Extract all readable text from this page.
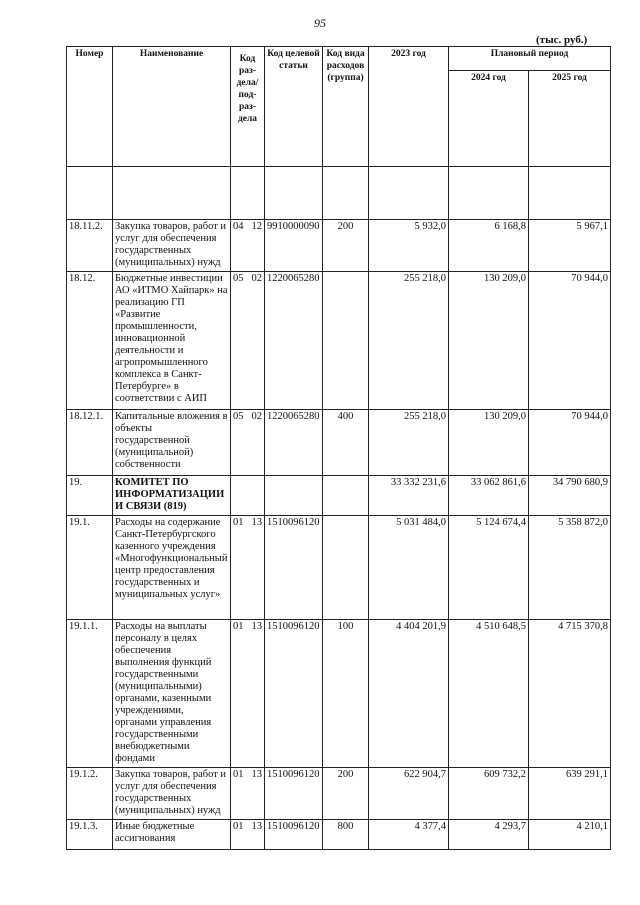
95
(тыс. руб.)
Номер	Наименование	Код раз-дела/ под-раз-дела	Код целевой статьи	Код вида расходов (группа)	2023 год	Плановый период	
						2024 год	2025 год

18.11.2.	Закупка товаров, работ и услуг для обеспечения государственных (муниципальных) нужд	04 12	9910000090	200	5 932,0	6 168,8	5 967,1
18.12.	Бюджетные инвестиции АО «ИТМО Хайпарк» на реализацию ГП «Развитие промышленности, инновационной деятельности и агропромышленного комплекса в Санкт-Петербурге» в соответствии с АИП	05 02	1220065280		255 218,0	130 209,0	70 944,0
18.12.1.	Капитальные вложения в объекты государственной (муниципальной) собственности	05 02	1220065280	400	255 218,0	130 209,0	70 944,0
19.	КОМИТЕТ ПО ИНФОРМАТИЗАЦИИ И СВЯЗИ (819)				33 332 231,6	33 062 861,6	34 790 680,9
19.1.	Расходы на содержание Санкт-Петербургского казенного учреждения «Многофункциональный центр предоставления государственных и муниципальных услуг»	01 13	1510096120		5 031 484,0	5 124 674,4	5 358 872,0
19.1.1.	Расходы на выплаты персоналу в целях обеспечения выполнения функций государственными (муниципальными) органами, казенными учреждениями, органами управления государственными внебюджетными фондами	01 13	1510096120	100	4 404 201,9	4 510 648,5	4 715 370,8
19.1.2.	Закупка товаров, работ и услуг для обеспечения государственных (муниципальных) нужд	01 13	1510096120	200	622 904,7	609 732,2	639 291,1
19.1.3.	Иные бюджетные ассигнования	01 13	1510096120	800	4 377,4	4 293,7	4 210,1
